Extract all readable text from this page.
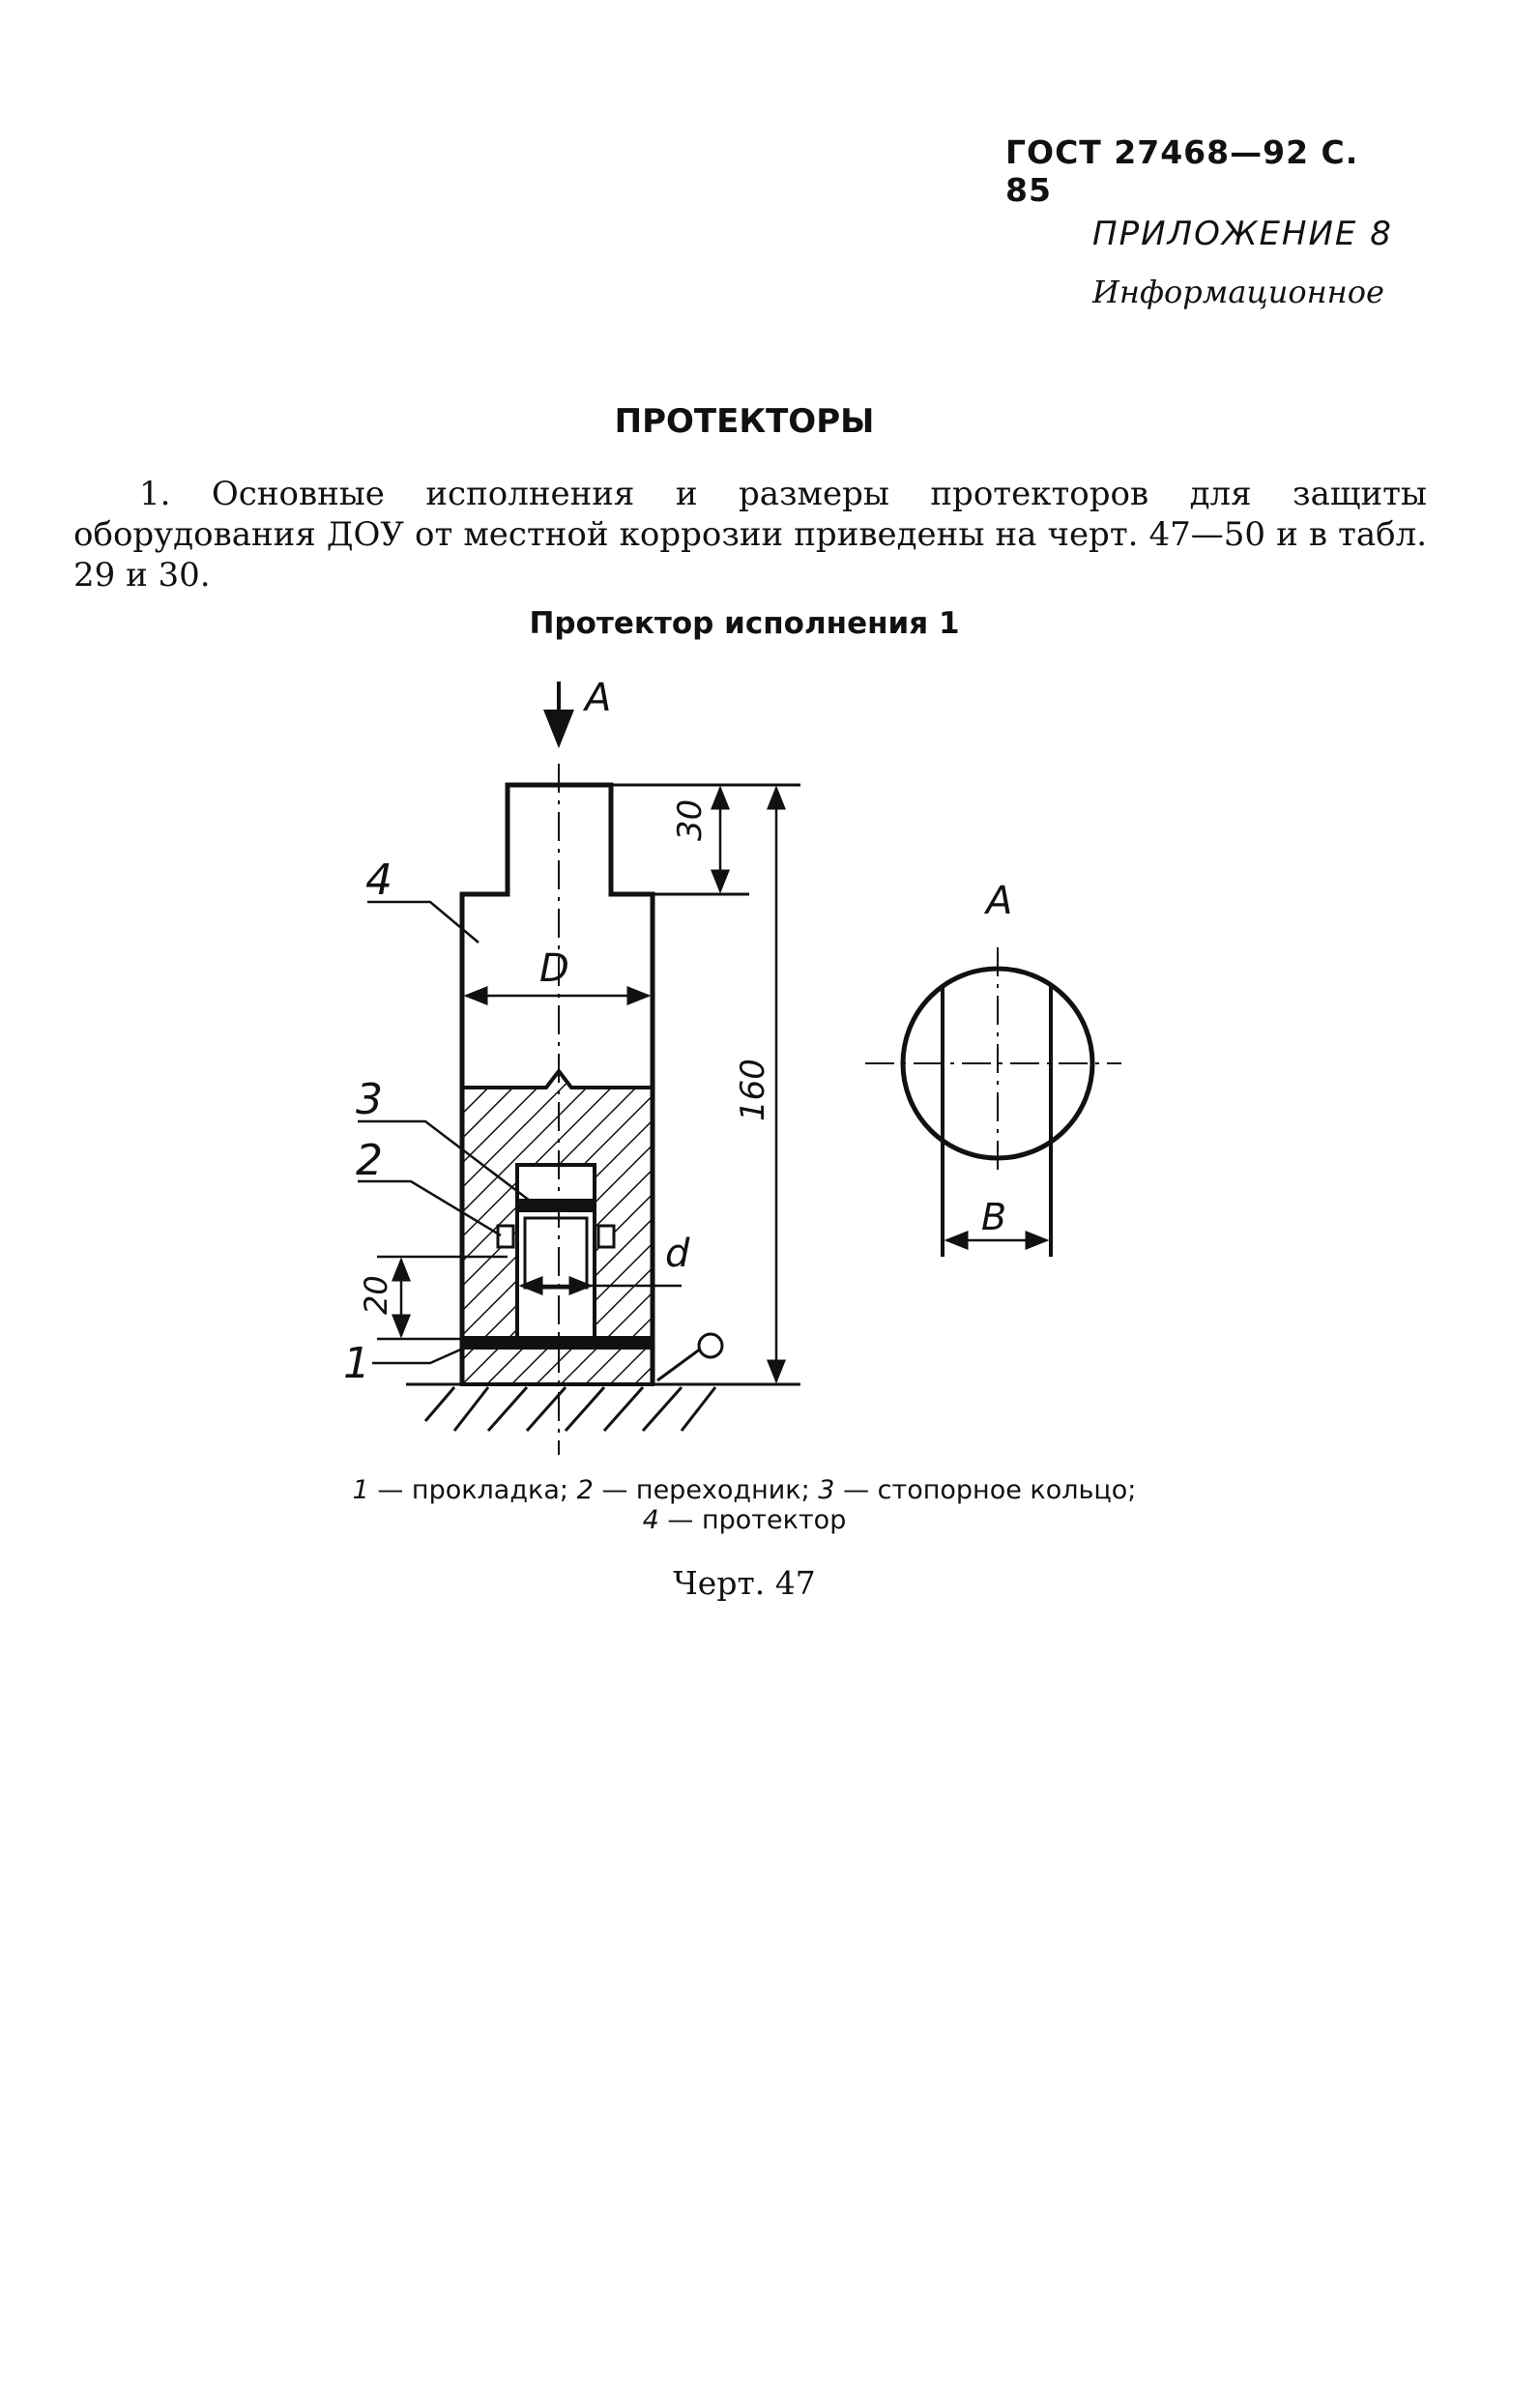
ГОСТ 27468—92 С. 85
ПРИЛОЖЕНИЕ 8
Информационное
ПРОТЕКТОРЫ
1. Основные исполнения и размеры протекторов для защиты оборудования ДОУ от местной коррозии приведены на черт. 47—50 и в табл. 29 и 30.
Протектор исполнения 1
A
D
d
30
160
20
4
3
2
1
A
B
1 — прокладка; 2 — переходник; 3 — стопорное кольцо;
4 — протектор
Черт. 47
